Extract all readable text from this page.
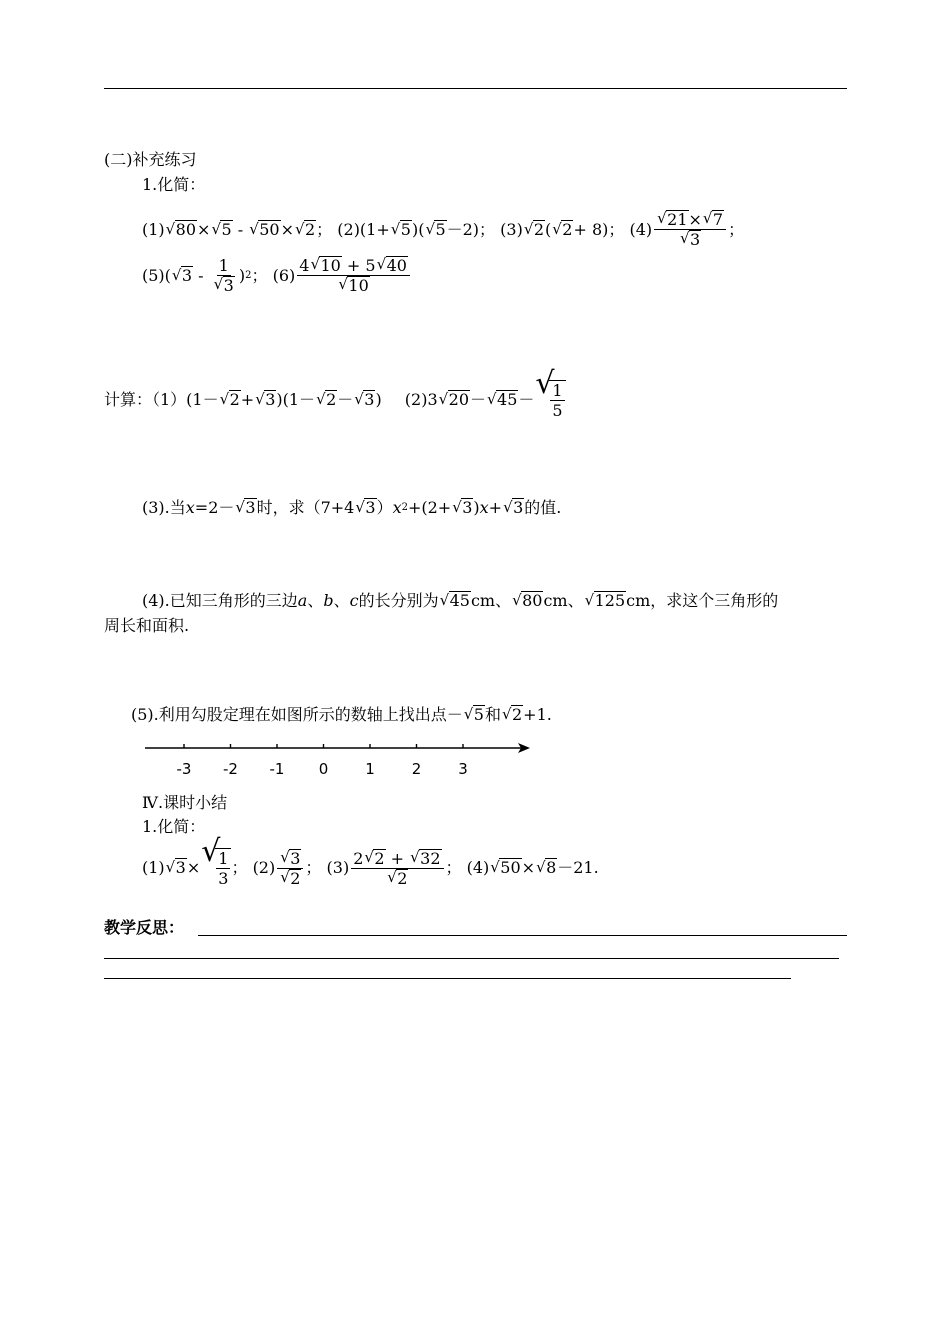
(二)补充练习
1.化简：
(1) √ 80× √ 5 - √ 50× √ 2； (2)(1+ √ 5)( √ 5－2)； (3) √ 2( √ 2+ 8)； (4) √ 21× √ 7
√ 3 ；
(5)( √ 3 - 1
√ 3 )2； (6) 4 √ 10 + 5 √ 40
√ 10
计算：（1）(1－ √ 2+ √ 3)(1－ √ 2－ √ 3) (2)3 √ 20－ √ 45－ √ $\frac{1}{5}$
(3).当x=2－ √ 3时，求（7+4 √ 3）x2+(2+ √ 3)x+ √ 3的值.
(4).已知三角形的三边a、b、c的长分别为 √ 45cm、 √ 80cm、 √ 125cm，求这个三角形的
周长和面积.
(5).利用勾股定理在如图所示的数轴上找出点－ √ 5和 √ 2+1.
-3 -2 -1 0 1 2 3
Ⅳ.课时小结
1.化简：
(1) √ 3× √ $\frac{1}{3}$ ； (2) √ 3
√ 2 ； (3) 2 √ 2 + √ 32
√ 2 ； (4) √ 50× √ 8－21.
教学反思：
